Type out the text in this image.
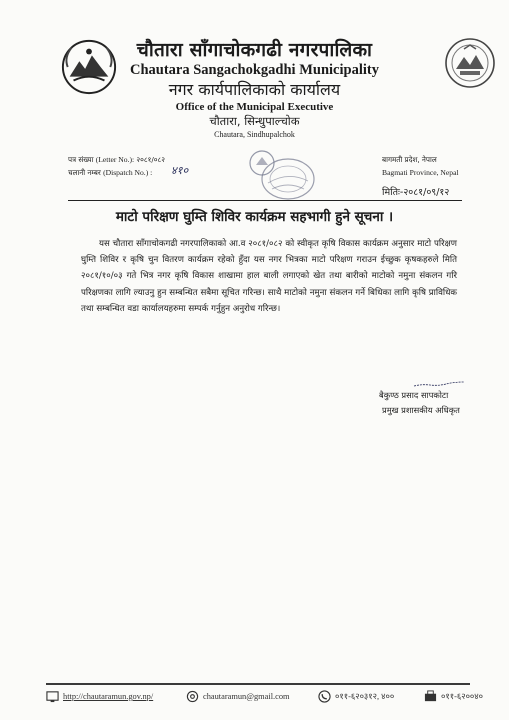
चौतारा साँगाचोकगढी नगरपालिका
Chautara Sangachokgadhi Municipality
नगर कार्यपालिकाको कार्यालय
Office of the Municipal Executive
चौतारा, सिन्धुपाल्चोक
Chautara, Sindhupalchok
पत्र संख्या (Letter No.): २०८१/०८२
चलानी नम्बर (Dispatch No.) : ४१०
बागमती प्रदेश, नेपाल
Bagmati Province, Nepal
मितिः-२०८१/०९/१२
माटो परिक्षण घुम्ति शिविर कार्यक्रम सहभागी हुने सूचना ।
यस चौतारा साँगाचोकगढी नगरपालिकाको आ.व २०८१/०८२ को स्वीकृत कृषि विकास कार्यक्रम अनुसार माटो परिक्षण घुम्ति शिविर र कृषि चुन वितरण कार्यक्रम रहेको हुँदा यस नगर भित्रका माटो परिक्षण गराउन ईच्छुक कृषकहरुले मिति २०८१/१०/०३ गते भित्र नगर कृषि विकास शाखामा हाल बाली लगाएको खेत तथा बारीको माटोको नमुना संकलन गरि परिक्षणका लागि ल्याउनु हुन सम्बन्धित सबैमा सूचित गरिन्छ। साथै माटोको नमुना संकलन गर्ने बिधिका लागि कृषि प्राविधिक तथा सम्बन्धित वडा कार्यालयहरुमा सम्पर्क गर्नुहुन अनुरोध गरिन्छ।
बैकुण्ठ प्रसाद सापकोटा
प्रमुख प्रशासकीय अधिकृत
http://chautaramun.gov.np/	chautaramun@gmail.com	०११-६२०३१२, ४००	०११-६२००४०
